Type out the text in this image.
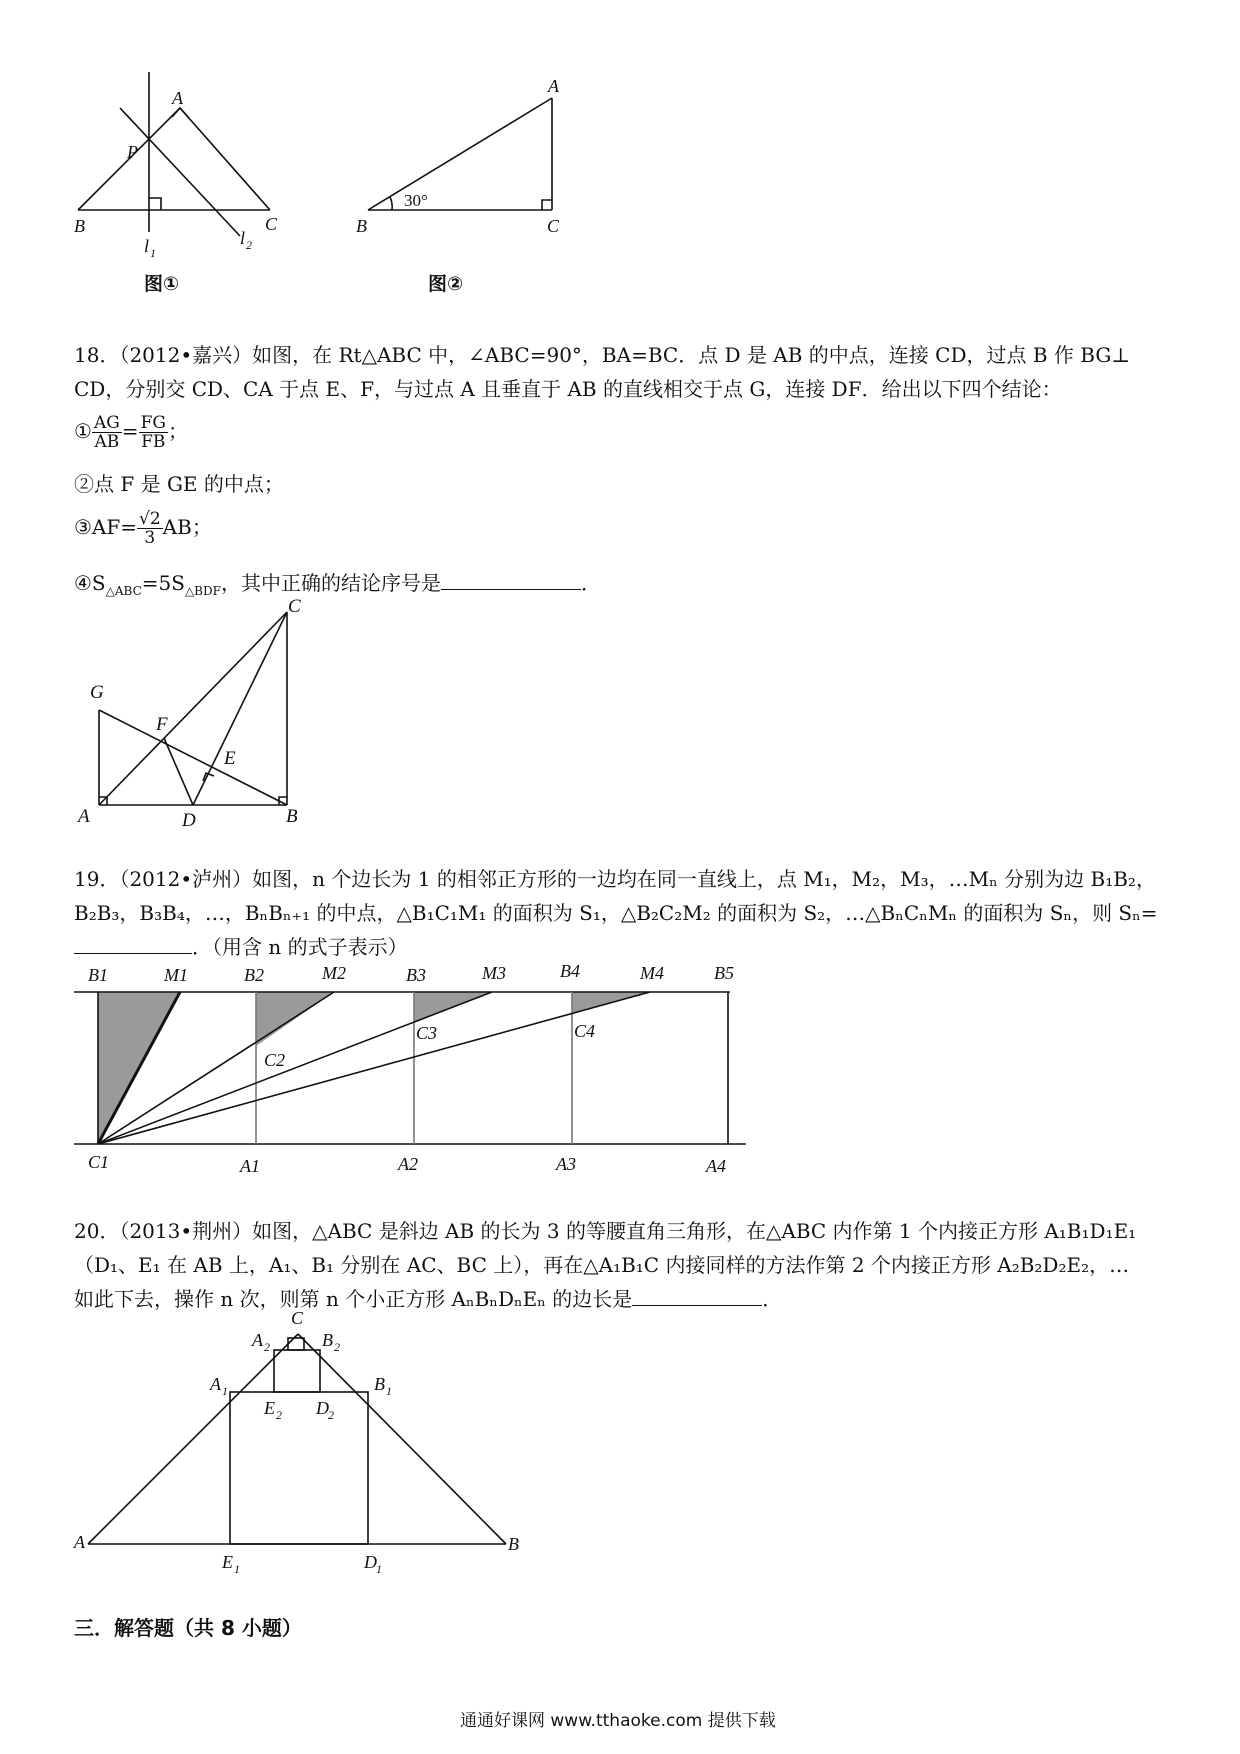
A
P
B	C
l 1
l 2
图①
A
B	C
30°
图②
18．（2012•嘉兴）如图，在 Rt△ABC 中，∠ABC=90°，BA=BC．点 D 是 AB 的中点，连接 CD，过点 B 作 BG⊥
CD，分别交 CD、CA 于点 E、F，与过点 A 且垂直于 AB 的直线相交于点 G，连接 DF．给出以下四个结论：
① $\frac{AG}{AB} = \frac{FG}{FB}$ ；
②点 F 是 GE 的中点；
③AF= $\frac{√2}{3}$ AB；
$④S_{\triangle ABC}=5S_{\triangle BDF}$，其中正确的结论序号是	．
G
F
E
C
A	D	B
19．（2012•泸州）如图，n 个边长为 1 的相邻正方形的一边均在同一直线上，点 M₁，M₂，M₃，…Mₙ 分别为边 B₁B₂，
B₂B₃，B₃B₄，…，BₙBₙ₊₁ 的中点，△B₁C₁M₁ 的面积为 S₁，△B₂C₂M₂ 的面积为 S₂，…△BₙCₙMₙ 的面积为 Sₙ，则 Sₙ=
．（用含 n 的式子表示）
B1	M1	B2	M2	B3	M3	B4	M4	B5
C2
C3	C4
C1	A1	A2	A3	A4
20．（2013•荆州）如图，△ABC 是斜边 AB 的长为 3 的等腰直角三角形，在△ABC 内作第 1 个内接正方形 A₁B₁D₁E₁
（D₁、E₁ 在 AB 上，A₁、B₁ 分别在 AC、BC 上），再在△A₁B₁C 内接同样的方法作第 2 个内接正方形 A₂B₂D₂E₂，…
如此下去，操作 n 次，则第 n 个小正方形 AₙBₙDₙEₙ 的边长是	．
C
A 2	B 2
A 1	B 1
E 2 D 2
A
E 1	D 1
B
三．解答题（共 8 小题）
通通好课网 www.tthaoke.com 提供下载
